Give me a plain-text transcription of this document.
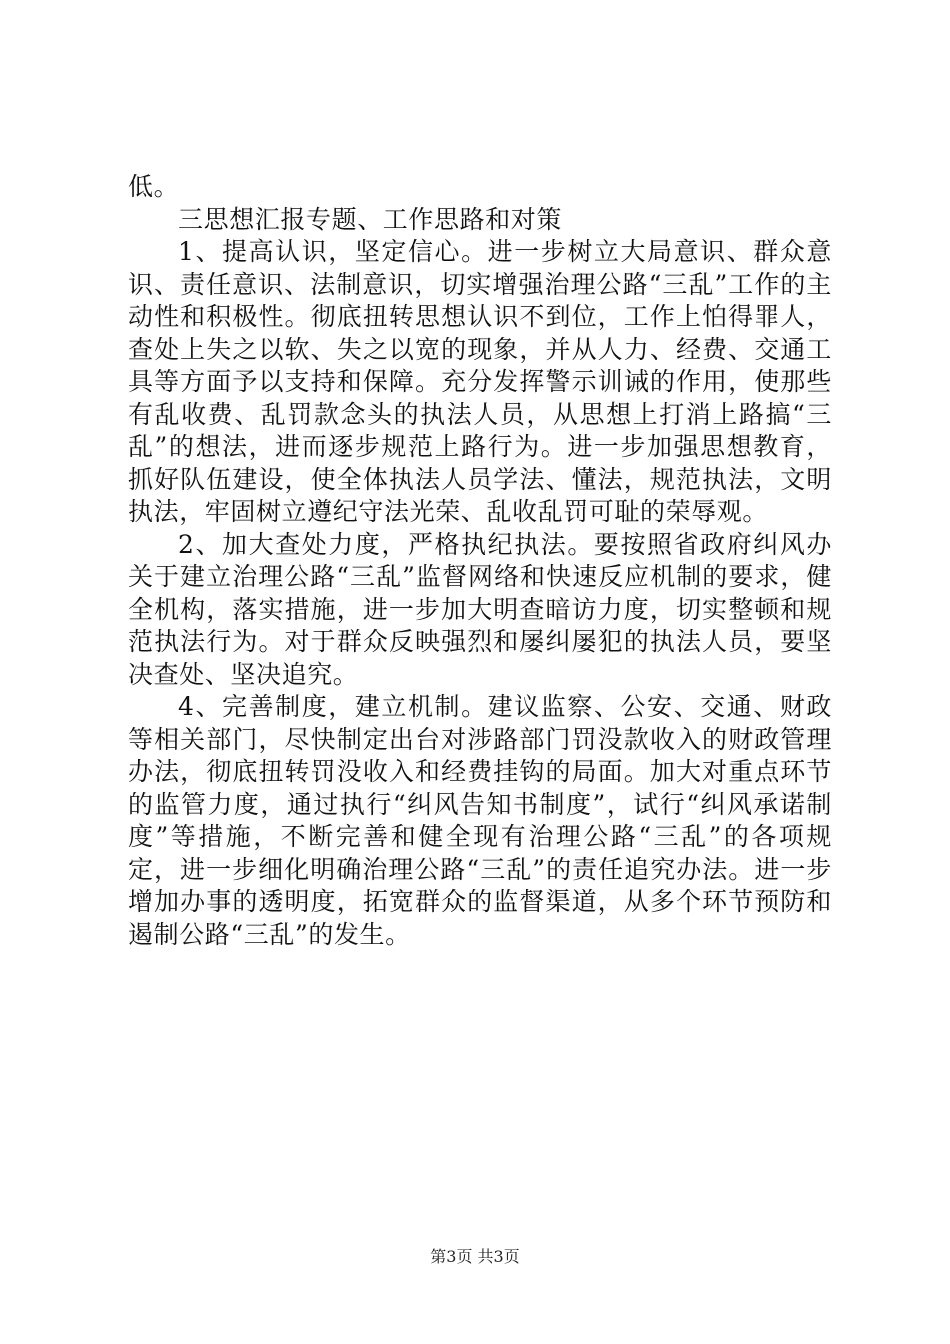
低。

三思想汇报专题、工作思路和对策

1、提高认识，坚定信心。进一步树立大局意识、群众意识、责任意识、法制意识，切实增强治理公路“三乱”工作的主动性和积极性。彻底扭转思想认识不到位，工作上怕得罪人，查处上失之以软、失之以宽的现象，并从人力、经费、交通工具等方面予以支持和保障。充分发挥警示训诫的作用，使那些有乱收费、乱罚款念头的执法人员，从思想上打消上路搞“三乱”的想法，进而逐步规范上路行为。进一步加强思想教育，抓好队伍建设，使全体执法人员学法、懂法，规范执法，文明执法，牢固树立遵纪守法光荣、乱收乱罚可耻的荣辱观。

2、加大查处力度，严格执纪执法。要按照省政府纠风办关于建立治理公路“三乱”监督网络和快速反应机制的要求，健全机构，落实措施，进一步加大明查暗访力度，切实整顿和规范执法行为。对于群众反映强烈和屡纠屡犯的执法人员，要坚决查处、坚决追究。

4、完善制度，建立机制。建议监察、公安、交通、财政等相关部门，尽快制定出台对涉路部门罚没款收入的财政管理办法，彻底扭转罚没收入和经费挂钩的局面。加大对重点环节的监管力度，通过执行“纠风告知书制度”，试行“纠风承诺制度”等措施，不断完善和健全现有治理公路“三乱”的各项规定，进一步细化明确治理公路“三乱”的责任追究办法。进一步增加办事的透明度，拓宽群众的监督渠道，从多个环节预防和遏制公路“三乱”的发生。

第3页 共3页
